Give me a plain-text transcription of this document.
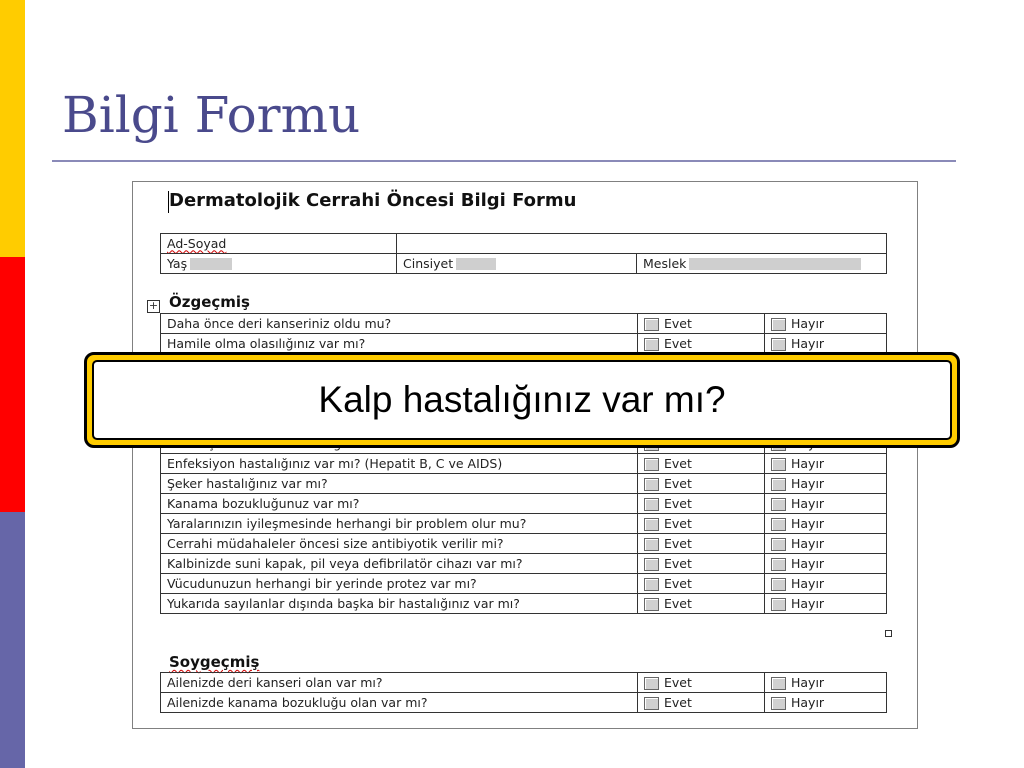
Bilgi Formu
Dermatolojik Cerrahi Öncesi Bilgi Formu
Ad-Soyad		
Yaş	Cinsiyet	Meslek
+ Özgeçmiş
Daha önce deri kanseriniz oldu mu?	Evet	Hayır
Hamile olma olasılığınız var mı?	Evet	Hayır

Enfeksiyon hastalığınız var mı? (Hepatit B, C ve AIDS)	Evet	Hayır
Şeker hastalığınız var mı?	Evet	Hayır
Kanama bozukluğunuz var mı?	Evet	Hayır
Yaralarınızın iyileşmesinde herhangi bir problem olur mu?	Evet	Hayır
Cerrahi müdahaleler öncesi size antibiyotik verilir mi?	Evet	Hayır
Kalbinizde suni kapak, pil veya defibrilatör cihazı var mı?	Evet	Hayır
Vücudunuzun herhangi bir yerinde protez var mı?	Evet	Hayır
Yukarıda sayılanlar dışında başka bir hastalığınız var mı?	Evet	Hayır
Soygeçmiş
Ailenizde deri kanseri olan var mı?	Evet	Hayır
Ailenizde kanama bozukluğu olan var mı?	Evet	Hayır
Kalp hastalığınız var mı?
